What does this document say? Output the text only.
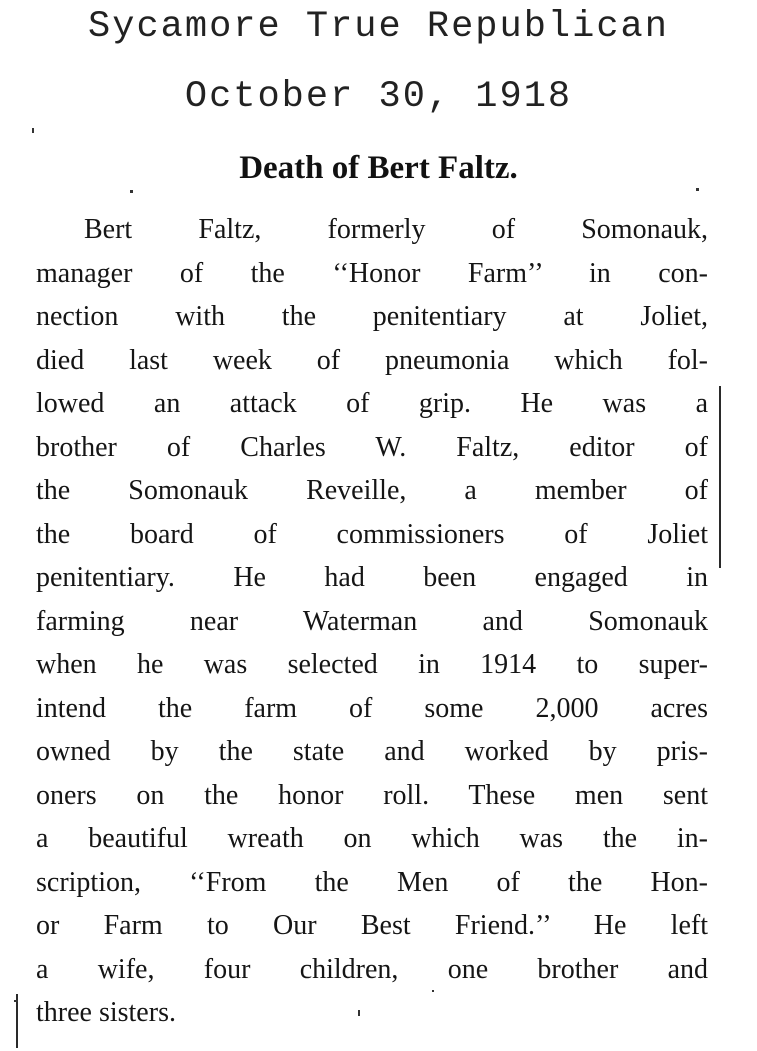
Sycamore True Republican
October 30, 1918
Death of Bert Faltz.
Bert Faltz, formerly of Somonauk,
manager of the ‘‘Honor Farm’’ in con-
nection with the penitentiary at Joliet,
died last week of pneumonia which fol-
lowed an attack of grip. He was a
brother of Charles W. Faltz, editor of
the Somonauk Reveille, a member of
the board of commissioners of Joliet
penitentiary. He had been engaged in
farming near Waterman and Somonauk
when he was selected in 1914 to super-
intend the farm of some 2,000 acres
owned by the state and worked by pris-
oners on the honor roll. These men sent
a beautiful wreath on which was the in-
scription, ‘‘From the Men of the Hon-
or Farm to Our Best Friend.’’ He left
a wife, four children, one brother and
three sisters.
